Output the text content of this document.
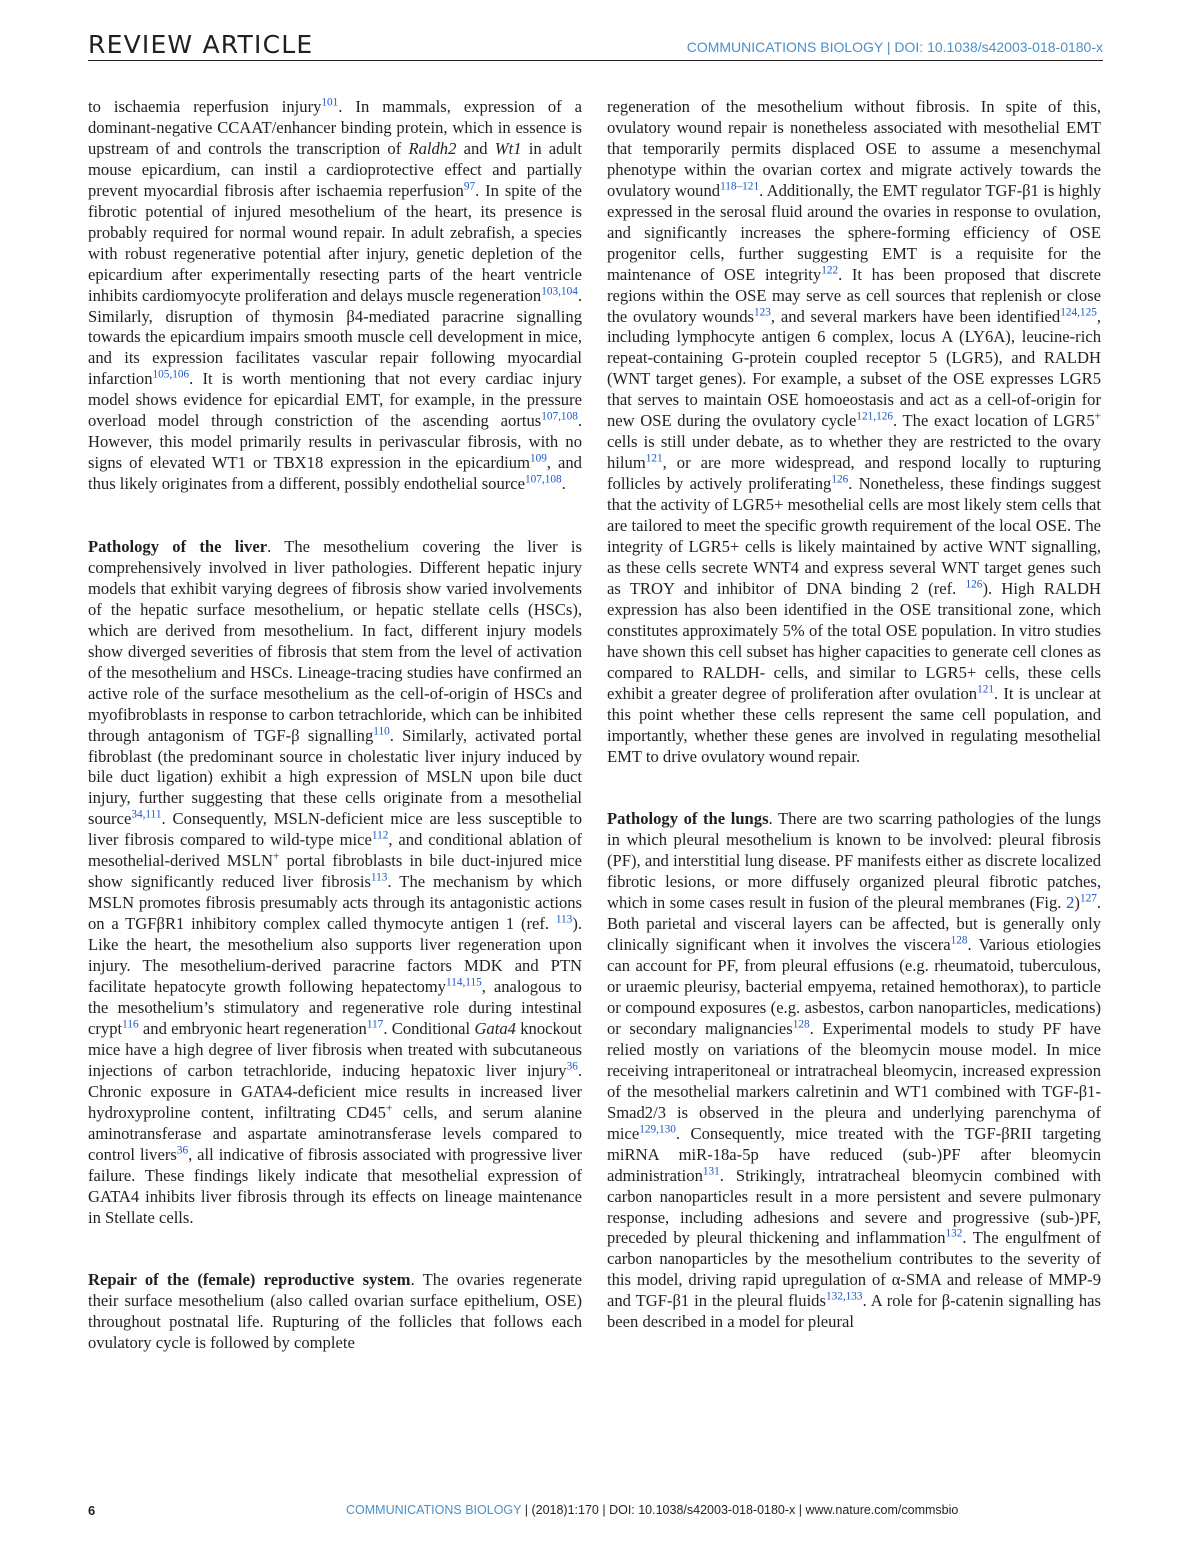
REVIEW ARTICLE	COMMUNICATIONS BIOLOGY | DOI: 10.1038/s42003-018-0180-x

to ischaemia reperfusion injury$^{101}$. In mammals, expression of a dominant-negative CCAAT/enhancer binding protein, which in essence is upstream of and controls the transcription of Raldh2 and Wt1 in adult mouse epicardium, can instil a cardioprotective effect and partially prevent myocardial fibrosis after ischaemia reperfusion$^{97}$. In spite of the fibrotic potential of injured mesothelium of the heart, its presence is probably required for normal wound repair. In adult zebrafish, a species with robust regenerative potential after injury, genetic depletion of the epicardium after experimentally resecting parts of the heart ventricle inhibits cardiomyocyte proliferation and delays muscle regeneration$^{103,104}$. Similarly, disruption of thymosin β4-mediated paracrine signalling towards the epicardium impairs smooth muscle cell development in mice, and its expression facilitates vascular repair following myocardial infarction$^{105,106}$. It is worth mentioning that not every cardiac injury model shows evidence for epicardial EMT, for example, in the pressure overload model through constriction of the ascending aortus$^{107,108}$. However, this model primarily results in perivascular fibrosis, with no signs of elevated WT1 or TBX18 expression in the epicardium$^{109}$, and thus likely originates from a different, possibly endothelial source$^{107,108}$.

Pathology of the liver. The mesothelium covering the liver is comprehensively involved in liver pathologies. Different hepatic injury models that exhibit varying degrees of fibrosis show varied involvements of the hepatic surface mesothelium, or hepatic stellate cells (HSCs), which are derived from mesothelium. In fact, different injury models show diverged severities of fibrosis that stem from the level of activation of the mesothelium and HSCs. Lineage-tracing studies have confirmed an active role of the surface mesothelium as the cell-of-origin of HSCs and myofibroblasts in response to carbon tetrachloride, which can be inhibited through antagonism of TGF-β signalling$^{110}$. Similarly, activated portal fibroblast (the predominant source in cholestatic liver injury induced by bile duct ligation) exhibit a high expression of MSLN upon bile duct injury, further suggesting that these cells originate from a mesothelial source$^{34,111}$. Consequently, MSLN-deficient mice are less susceptible to liver fibrosis compared to wild-type mice$^{112}$, and conditional ablation of mesothelial-derived MSLN+ portal fibroblasts in bile duct-injured mice show significantly reduced liver fibrosis$^{113}$. The mechanism by which MSLN promotes fibrosis presumably acts through its antagonistic actions on a TGFβR1 inhibitory complex called thymocyte antigen 1 (ref. $^{113}$). Like the heart, the mesothelium also supports liver regeneration upon injury. The mesothelium-derived paracrine factors MDK and PTN facilitate hepatocyte growth following hepatectomy$^{114,115}$, analogous to the mesothelium’s stimulatory and regenerative role during intestinal crypt$^{116}$ and embryonic heart regeneration$^{117}$. Conditional Gata4 knockout mice have a high degree of liver fibrosis when treated with subcutaneous injections of carbon tetrachloride, inducing hepatoxic liver injury$^{36}$. Chronic exposure in GATA4-deficient mice results in increased liver hydroxyproline content, infiltrating CD45+ cells, and serum alanine aminotransferase and aspartate aminotransferase levels compared to control livers$^{36}$, all indicative of fibrosis associated with progressive liver failure. These findings likely indicate that mesothelial expression of GATA4 inhibits liver fibrosis through its effects on lineage maintenance in Stellate cells.

Repair of the (female) reproductive system. The ovaries regenerate their surface mesothelium (also called ovarian surface epithelium, OSE) throughout postnatal life. Rupturing of the follicles that follows each ovulatory cycle is followed by complete

regeneration of the mesothelium without fibrosis. In spite of this, ovulatory wound repair is nonetheless associated with mesothelial EMT that temporarily permits displaced OSE to assume a mesenchymal phenotype within the ovarian cortex and migrate actively towards the ovulatory wound$^{118-121}$. Additionally, the EMT regulator TGF-β1 is highly expressed in the serosal fluid around the ovaries in response to ovulation, and significantly increases the sphere-forming efficiency of OSE progenitor cells, further suggesting EMT is a requisite for the maintenance of OSE integrity$^{122}$. It has been proposed that discrete regions within the OSE may serve as cell sources that replenish or close the ovulatory wounds$^{123}$, and several markers have been identified$^{124,125}$, including lymphocyte antigen 6 complex, locus A (LY6A), leucine-rich repeat-containing G-protein coupled receptor 5 (LGR5), and RALDH (WNT target genes). For example, a subset of the OSE expresses LGR5 that serves to maintain OSE homoeostasis and act as a cell-of-origin for new OSE during the ovulatory cycle$^{121,126}$. The exact location of LGR5+ cells is still under debate, as to whether they are restricted to the ovary hilum$^{121}$, or are more widespread, and respond locally to rupturing follicles by actively proliferating$^{126}$. Nonetheless, these findings suggest that the activity of LGR5+ mesothelial cells are most likely stem cells that are tailored to meet the specific growth requirement of the local OSE. The integrity of LGR5+ cells is likely maintained by active WNT signalling, as these cells secrete WNT4 and express several WNT target genes such as TROY and inhibitor of DNA binding 2 (ref. $^{126}$). High RALDH expression has also been identified in the OSE transitional zone, which constitutes approximately 5% of the total OSE population. In vitro studies have shown this cell subset has higher capacities to generate cell clones as compared to RALDH- cells, and similar to LGR5+ cells, these cells exhibit a greater degree of proliferation after ovulation$^{121}$. It is unclear at this point whether these cells represent the same cell population, and importantly, whether these genes are involved in regulating mesothelial EMT to drive ovulatory wound repair.

Pathology of the lungs. There are two scarring pathologies of the lungs in which pleural mesothelium is known to be involved: pleural fibrosis (PF), and interstitial lung disease. PF manifests either as discrete localized fibrotic lesions, or more diffusely organized pleural fibrotic patches, which in some cases result in fusion of the pleural membranes (Fig. 2)$^{127}$. Both parietal and visceral layers can be affected, but is generally only clinically significant when it involves the viscera$^{128}$. Various etiologies can account for PF, from pleural effusions (e.g. rheumatoid, tuberculous, or uraemic pleurisy, bacterial empyema, retained hemothorax), to particle or compound exposures (e.g. asbestos, carbon nanoparticles, medications) or secondary malignancies$^{128}$. Experimental models to study PF have relied mostly on variations of the bleomycin mouse model. In mice receiving intraperitoneal or intratracheal bleomycin, increased expression of the mesothelial markers calretinin and WT1 combined with TGF-β1-Smad2/3 is observed in the pleura and underlying parenchyma of mice$^{129,130}$. Consequently, mice treated with the TGF-βRII targeting miRNA miR-18a-5p have reduced (sub-)PF after bleomycin administration$^{131}$. Strikingly, intratracheal bleomycin combined with carbon nanoparticles result in a more persistent and severe pulmonary response, including adhesions and severe and progressive (sub-)PF, preceded by pleural thickening and inflammation$^{132}$. The engulfment of carbon nanoparticles by the mesothelium contributes to the severity of this model, driving rapid upregulation of α-SMA and release of MMP-9 and TGF-β1 in the pleural fluids$^{132,133}$. A role for β-catenin signalling has been described in a model for pleural

6	COMMUNICATIONS BIOLOGY | (2018)1:170 | DOI: 10.1038/s42003-018-0180-x | www.nature.com/commsbio
